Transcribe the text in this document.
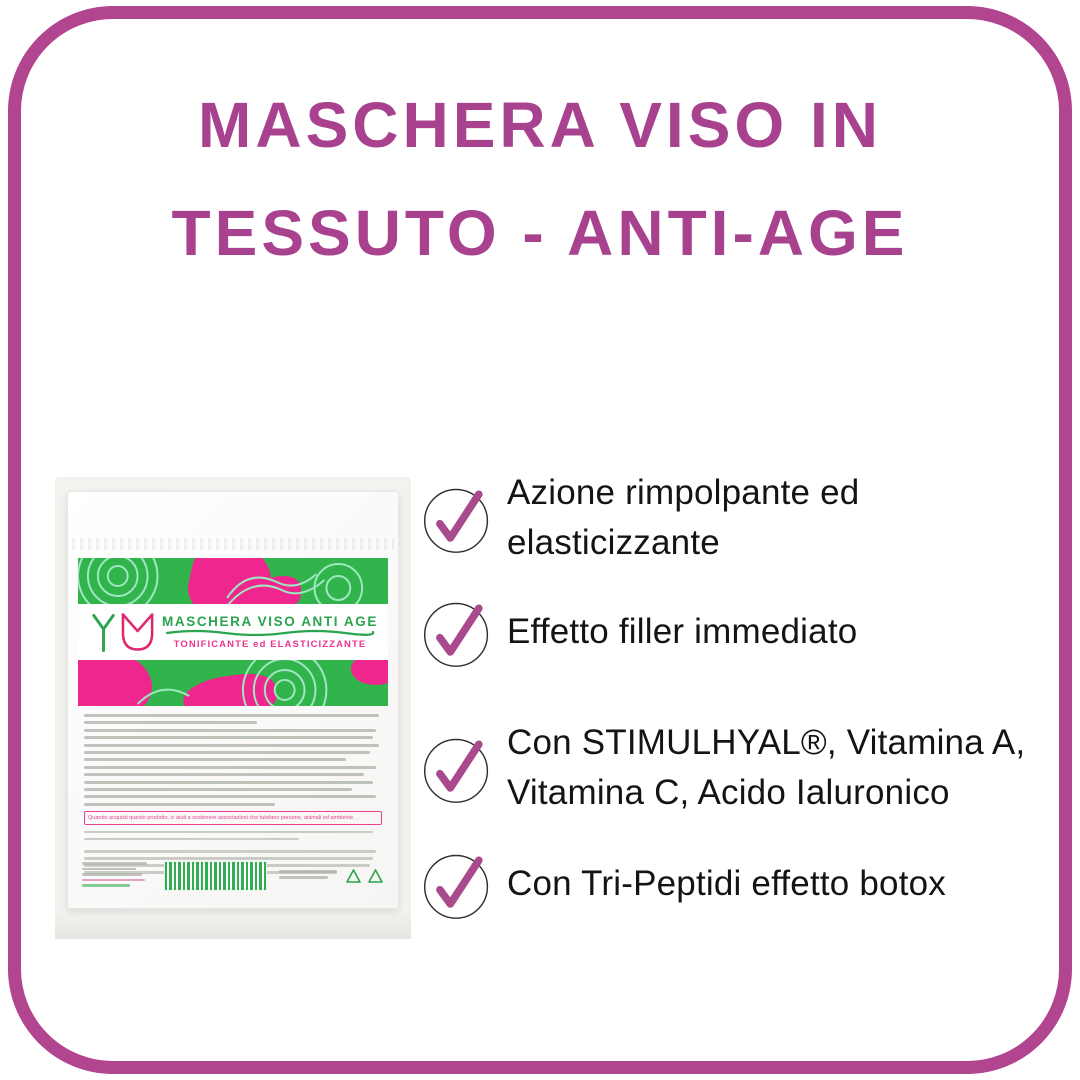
MASCHERA VISO IN
TESSUTO - ANTI-AGE
MASCHERA VISO ANTI AGE
TONIFICANTE ed ELASTICIZZANTE
Quando acquisti questo prodotto, ci aiuti a sostenere associazioni che tutelano persone, animali ed ambiente.
Azione rimpolpante ed
elasticizzante
Effetto filler immediato
Con STIMULHYAL®, Vitamina A,
Vitamina C, Acido Ialuronico
Con Tri-Peptidi effetto botox
